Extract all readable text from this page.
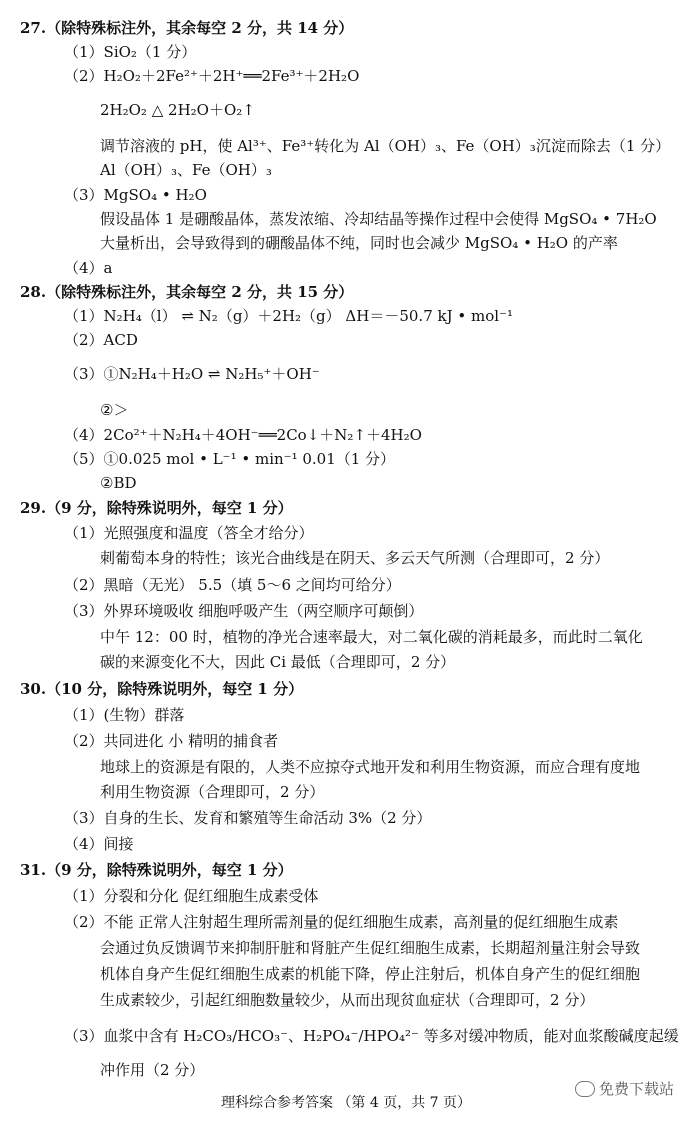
27.（除特殊标注外，其余每空 2 分，共 14 分）
（1）SiO₂（1 分）
（2）H₂O₂＋2Fe²⁺＋2H⁺══2Fe³⁺＋2H₂O
2H₂O₂ △ 2H₂O＋O₂↑
调节溶液的 pH，使 Al³⁺、Fe³⁺转化为 Al（OH）₃、Fe（OH）₃沉淀而除去（1 分）
Al（OH）₃、Fe（OH）₃
（3）MgSO₄ • H₂O
假设晶体 1 是硼酸晶体，蒸发浓缩、冷却结晶等操作过程中会使得 MgSO₄ • 7H₂O
大量析出，会导致得到的硼酸晶体不纯，同时也会减少 MgSO₄ • H₂O 的产率
（4）a
28.（除特殊标注外，其余每空 2 分，共 15 分）
（1）N₂H₄（l） ⇌ N₂（g）＋2H₂（g） ΔH＝－50.7 kJ • mol⁻¹
（2）ACD
（3）①N₂H₄＋H₂O ⇌ N₂H₅⁺＋OH⁻
②＞
（4）2Co²⁺＋N₂H₄＋4OH⁻══2Co↓＋N₂↑＋4H₂O
（5）①0.025 mol • L⁻¹ • min⁻¹ 0.01（1 分）
②BD
29.（9 分，除特殊说明外，每空 1 分）
（1）光照强度和温度（答全才给分）
刺葡萄本身的特性；该光合曲线是在阴天、多云天气所测（合理即可，2 分）
（2）黑暗（无光） 5.5（填 5～6 之间均可给分）
（3）外界环境吸收 细胞呼吸产生（两空顺序可颠倒）
中午 12：00 时，植物的净光合速率最大，对二氧化碳的消耗最多，而此时二氧化
碳的来源变化不大，因此 Ci 最低（合理即可，2 分）
30.（10 分，除特殊说明外，每空 1 分）
（1）(生物）群落
（2）共同进化 小 精明的捕食者
地球上的资源是有限的，人类不应掠夺式地开发和利用生物资源，而应合理有度地
利用生物资源（合理即可，2 分）
（3）自身的生长、发育和繁殖等生命活动 3%（2 分）
（4）间接
31.（9 分，除特殊说明外，每空 1 分）
（1）分裂和分化 促红细胞生成素受体
（2）不能 正常人注射超生理所需剂量的促红细胞生成素，高剂量的促红细胞生成素
会通过负反馈调节来抑制肝脏和肾脏产生促红细胞生成素，长期超剂量注射会导致
机体自身产生促红细胞生成素的机能下降，停止注射后，机体自身产生的促红细胞
生成素较少，引起红细胞数量较少，从而出现贫血症状（合理即可，2 分）
（3）血浆中含有 H₂CO₃/HCO₃⁻、H₂PO₄⁻/HPO₄²⁻ 等多对缓冲物质，能对血浆酸碱度起缓
冲作用（2 分）
理科综合参考答案 （第 4 页，共 7 页）
免费下载站
